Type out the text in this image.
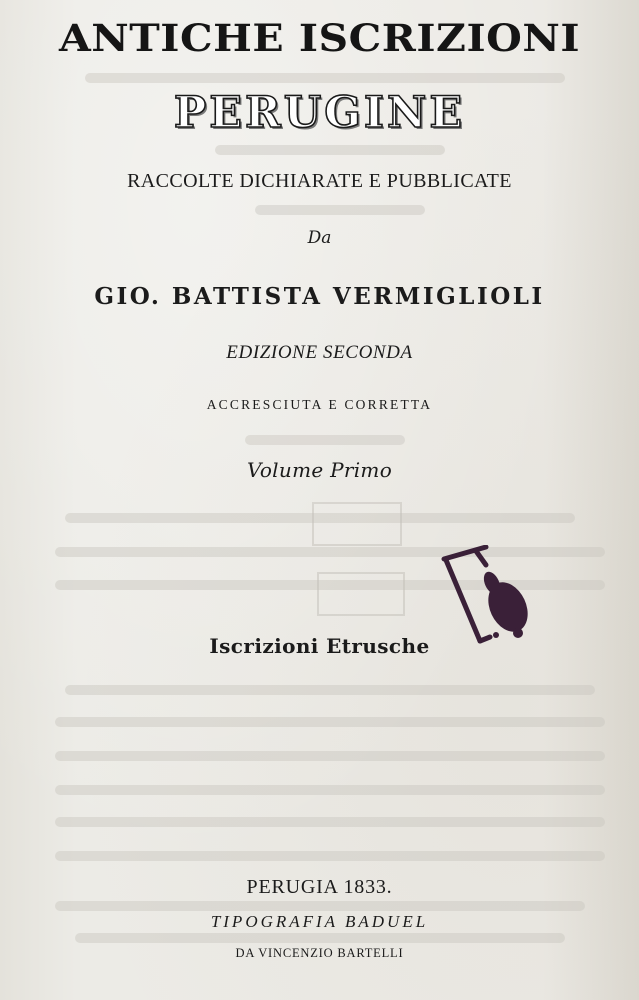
ANTICHE ISCRIZIONI
PERUGINE
RACCOLTE DICHIARATE E PUBBLICATE
Da
GIO. BATTISTA VERMIGLIOLI
EDIZIONE SECONDA
ACCRESCIUTA E CORRETTA
Volume Primo
Iscrizioni Etrusche
PERUGIA 1833.
TIPOGRAFIA BADUEL
DA VINCENZIO BARTELLI
